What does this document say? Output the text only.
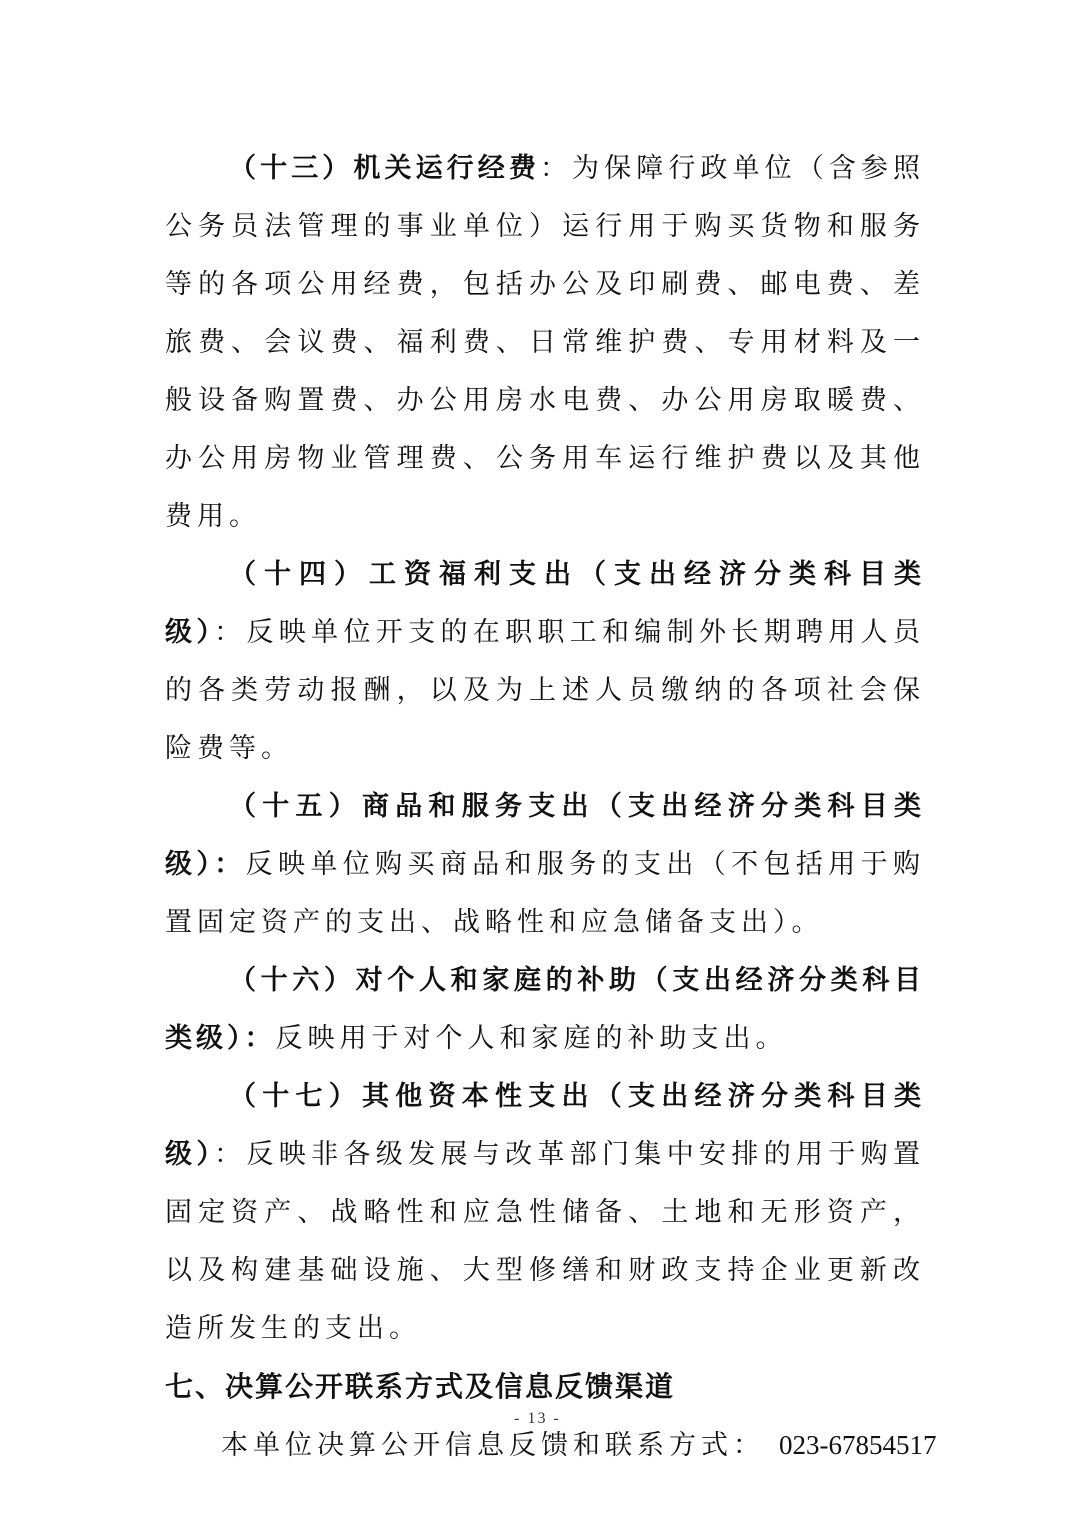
（十三）机关运行经费：为保障行政单位（含参照公务员法管理的事业单位）运行用于购买货物和服务等的各项公用经费，包括办公及印刷费、邮电费、差旅费、会议费、福利费、日常维护费、专用材料及一般设备购置费、办公用房水电费、办公用房取暖费、办公用房物业管理费、公务用车运行维护费以及其他费用。

（十四）工资福利支出（支出经济分类科目类级）：反映单位开支的在职职工和编制外长期聘用人员的各类劳动报酬，以及为上述人员缴纳的各项社会保险费等。

（十五）商品和服务支出（支出经济分类科目类级）：反映单位购买商品和服务的支出（不包括用于购置固定资产的支出、战略性和应急储备支出）。

（十六）对个人和家庭的补助（支出经济分类科目类级）：反映用于对个人和家庭的补助支出。

（十七）其他资本性支出（支出经济分类科目类级）：反映非各级发展与改革部门集中安排的用于购置固定资产、战略性和应急性储备、土地和无形资产，以及构建基础设施、大型修缮和财政支持企业更新改造所发生的支出。

七、决算公开联系方式及信息反馈渠道

本单位决算公开信息反馈和联系方式： 023-67854517

- 13 -
